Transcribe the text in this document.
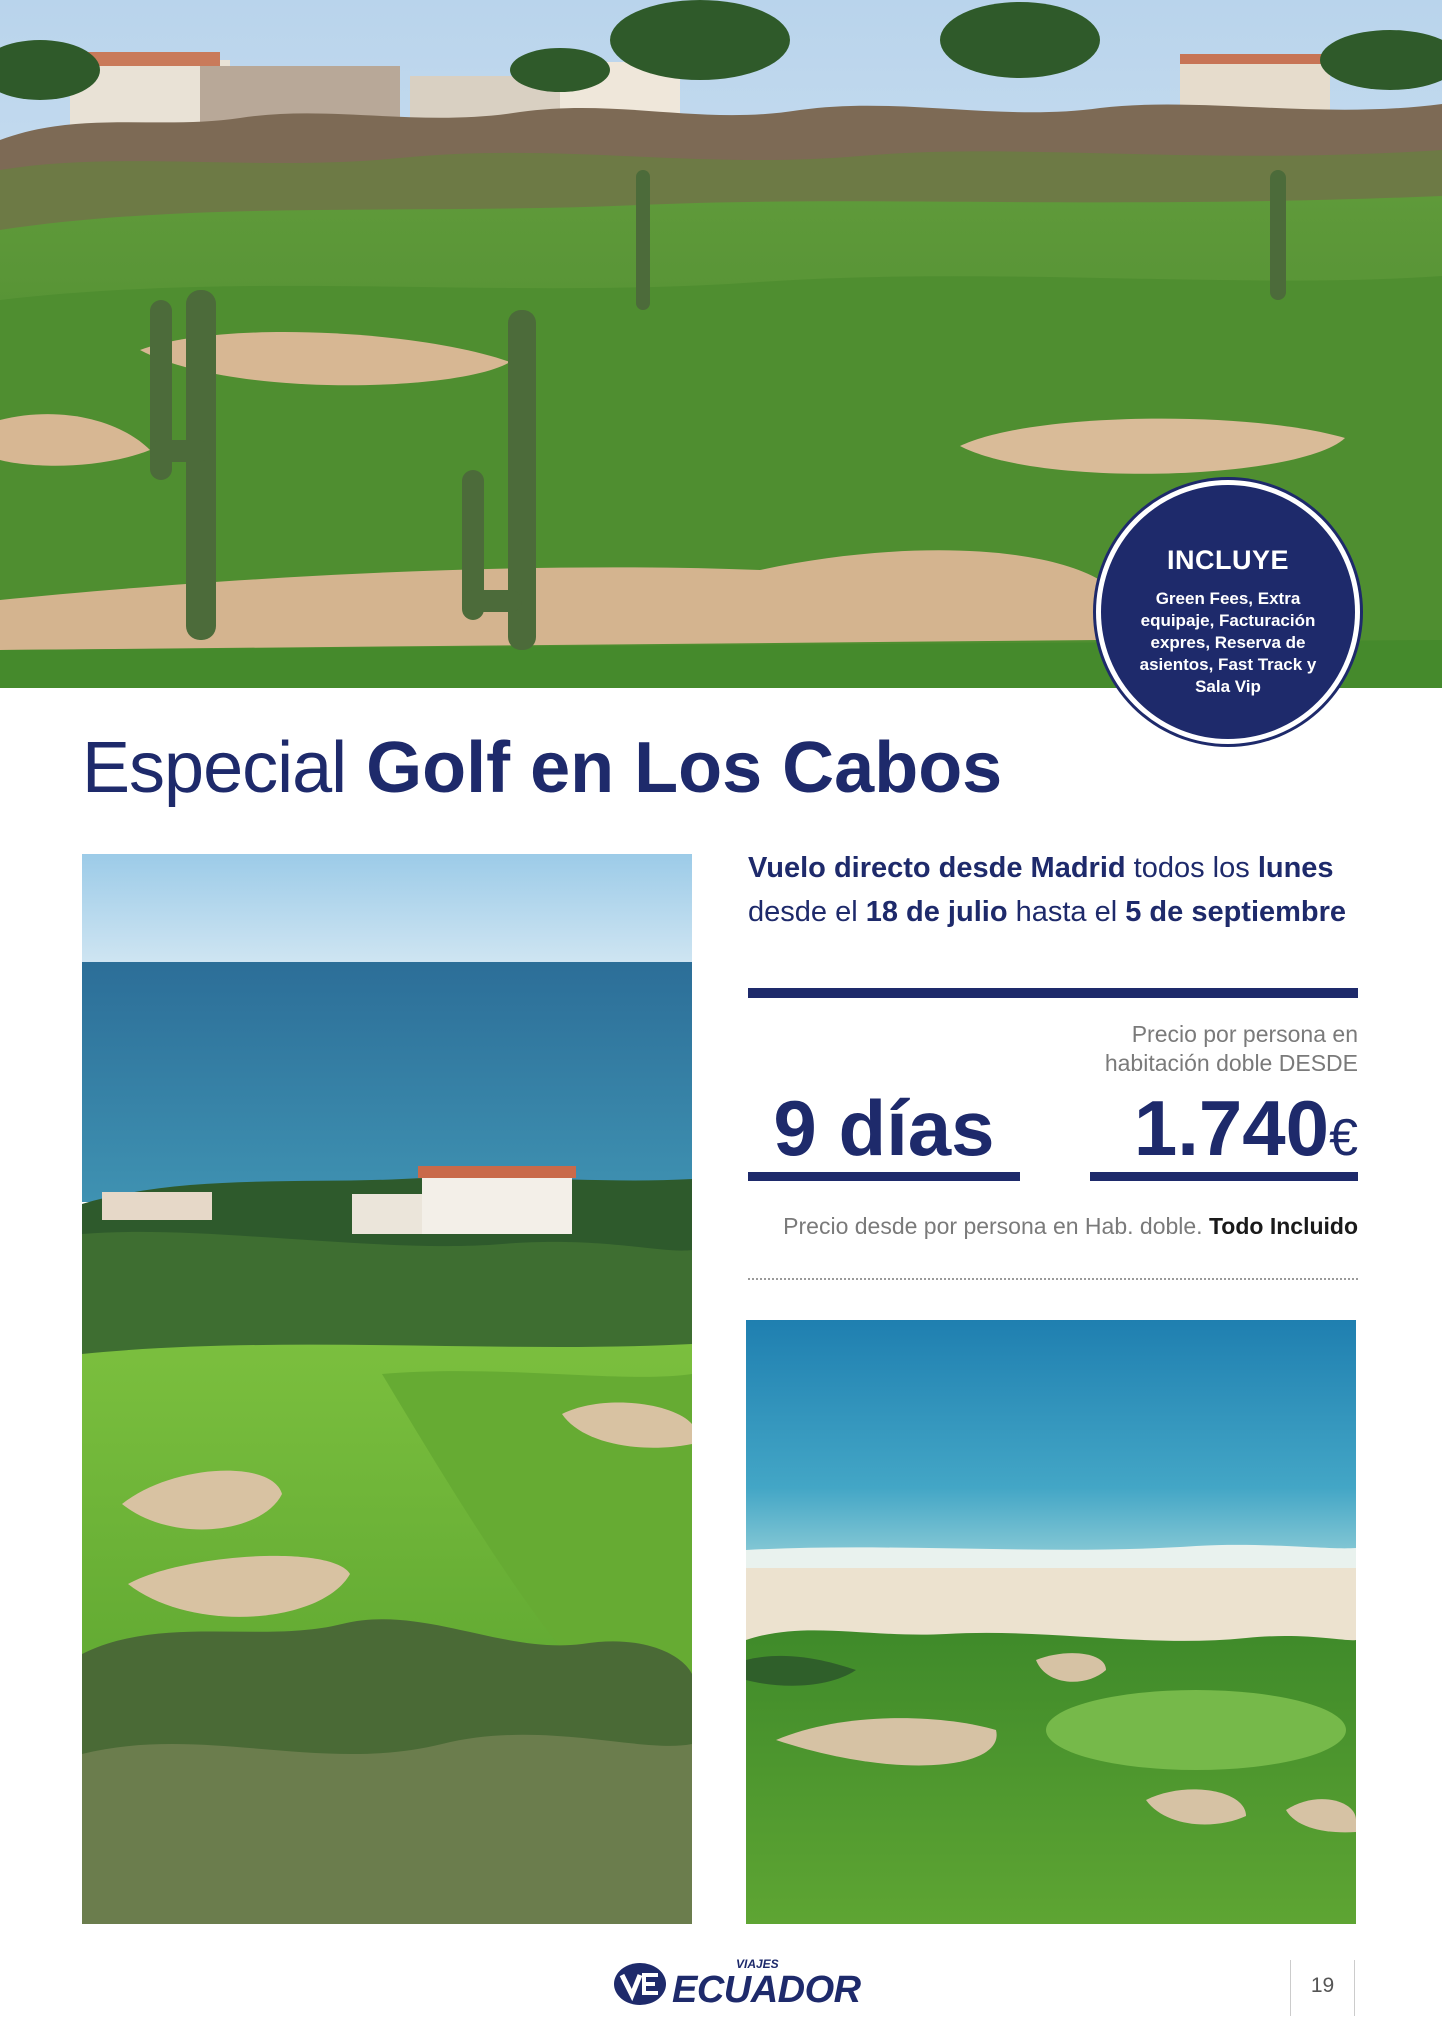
INCLUYE
Green Fees, Extra equipaje, Facturación expres, Reserva de asientos, Fast Track y Sala Vip
Especial Golf en Los Cabos
Vuelo directo desde Madrid todos los lunes desde el 18 de julio hasta el 5 de septiembre
Precio por persona en
habitación doble DESDE
9 días	1.740€
Precio desde por persona en Hab. doble. Todo Incluido
VIAJES
ECUADOR	19
